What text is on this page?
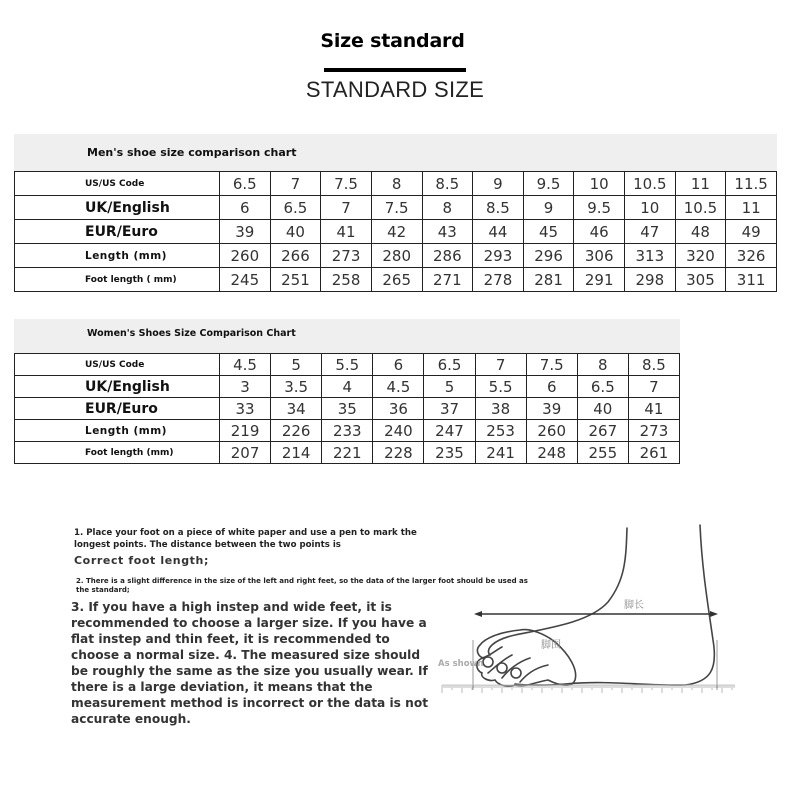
Size standard
STANDARD SIZE
Men's shoe size comparison chart
US/US Code	6.5	7	7.5	8	8.5	9	9.5	10	10.5	11	11.5
UK/English	6	6.5	7	7.5	8	8.5	9	9.5	10	10.5	11
EUR/Euro	39	40	41	42	43	44	45	46	47	48	49
Length (mm)	260	266	273	280	286	293	296	306	313	320	326
Foot length ( mm)	245	251	258	265	271	278	281	291	298	305	311
Women's Shoes Size Comparison Chart
US/US Code	4.5	5	5.5	6	6.5	7	7.5	8	8.5
UK/English	3	3.5	4	4.5	5	5.5	6	6.5	7
EUR/Euro	33	34	35	36	37	38	39	40	41
Length (mm)	219	226	233	240	247	253	260	267	273
Foot length (mm)	207	214	221	228	235	241	248	255	261
1. Place your foot on a piece of white paper and use a pen to mark the longest points. The distance between the two points is
Correct foot length;
2. There is a slight difference in the size of the left and right feet, so the data of the larger foot should be used as the standard;
3. If you have a high instep and wide feet, it is recommended to choose a larger size. If you have a flat instep and thin feet, it is recommended to choose a normal size. 4. The measured size should be roughly the same as the size you usually wear. If there is a large deviation, it means that the measurement method is incorrect or the data is not accurate enough.
脚长
脚围
As shown
